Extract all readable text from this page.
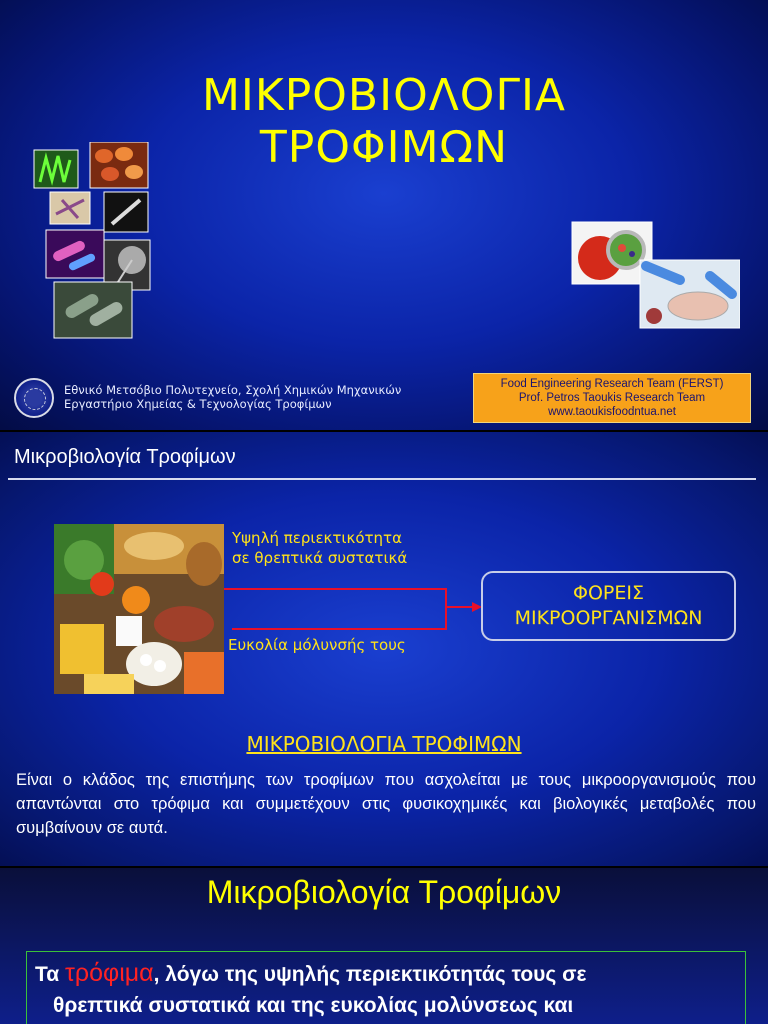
ΜΙΚΡΟΒΙΟΛΟΓΙΑ
ΤΡΟΦΙΜΩΝ
Εθνικό Μετσόβιο Πολυτεχνείο, Σχολή Χημικών Μηχανικών
Εργαστήριο Χημείας & Τεχνολογίας Τροφίμων
Food Engineering Research Team (FERST)
Prof. Petros Taoukis Research Team
www.taoukisfoodntua.net
Μικροβιολογία Τροφίμων
Υψηλή περιεκτικότητα
σε θρεπτικά συστατικά
Ευκολία μόλυνσής τους
ΦΟΡΕΙΣ
ΜΙΚΡΟΟΡΓΑΝΙΣΜΩΝ
ΜΙΚΡΟΒΙΟΛΟΓΙΑ ΤΡΟΦΙΜΩΝ
Είναι ο κλάδος της επιστήμης των τροφίμων που ασχολείται με τους μικροοργανισμούς που απαντώνται στο τρόφιμα και συμμετέχουν στις φυσικοχημικές και βιολογικές μεταβολές που συμβαίνουν σε αυτά.
Μικροβιολογία Τροφίμων
Τα τρόφιμα, λόγω της υψηλής περιεκτικότητάς τους σε
θρεπτικά συστατικά και της ευκολίας μολύνσεως και
